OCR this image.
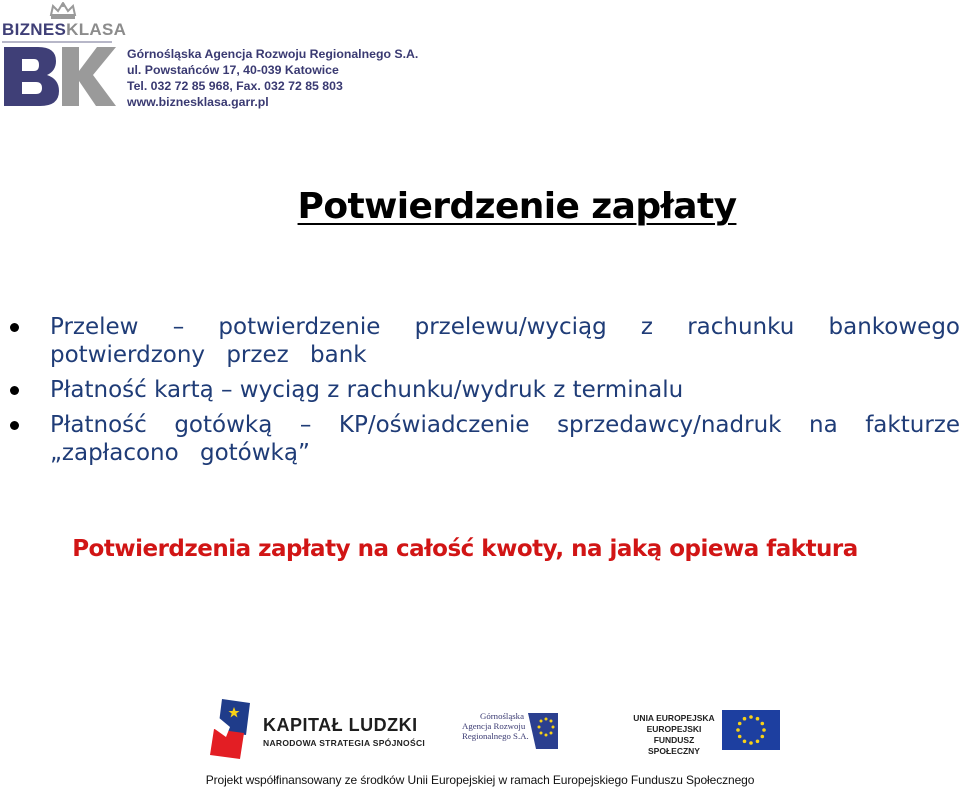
BIZNESKLASA
Górnośląska Agencja Rozwoju Regionalnego S.A.
ul. Powstańców 17, 40-039 Katowice
Tel. 032 72 85 968, Fax. 032 72 85 803
www.biznesklasa.garr.pl
Potwierdzenie zapłaty
Przelew – potwierdzenie przelewu/wyciąg z rachunku bankowego potwierdzony przez bank
Płatność kartą – wyciąg z rachunku/wydruk z terminalu
Płatność gotówką – KP/oświadczenie sprzedawcy/nadruk na fakturze „zapłacono gotówką”
Potwierdzenia zapłaty na całość kwoty, na jaką opiewa faktura
KAPITAŁ LUDZKI
NARODOWA STRATEGIA SPÓJNOŚCI
Górnośląska
Agencja Rozwoju
Regionalnego S.A.
UNIA EUROPEJSKA
EUROPEJSKI
FUNDUSZ SPOŁECZNY
Projekt współfinansowany ze środków Unii Europejskiej w ramach Europejskiego Funduszu Społecznego
